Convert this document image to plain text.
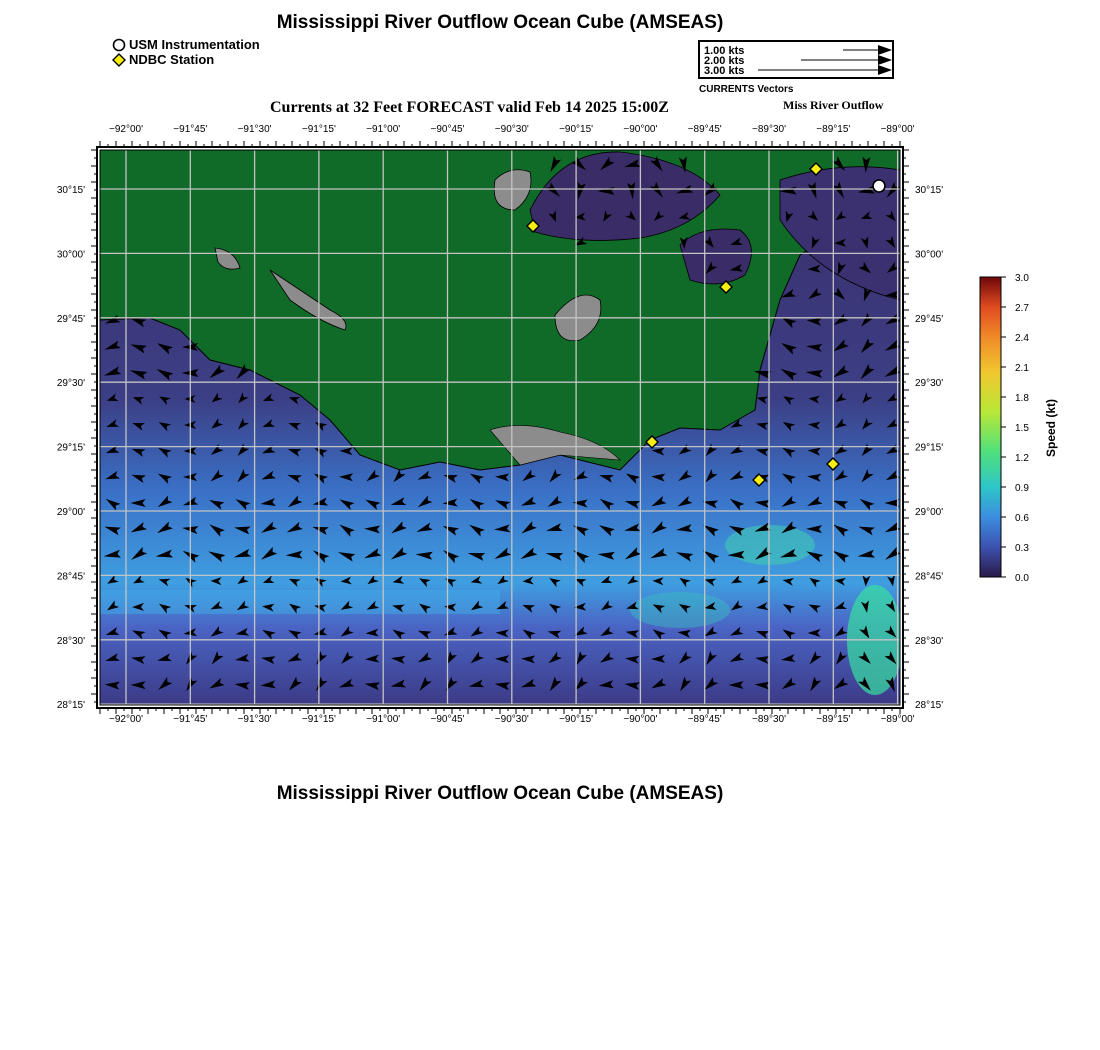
Mississippi River Outflow Ocean Cube (AMSEAS)
USM Instrumentation
NDBC Station
1.00 kts
2.00 kts
3.00 kts
CURRENTS Vectors
Currents at 32 Feet FORECAST valid Feb 14 2025 15:00Z	Miss River Outflow
−92°00'
−92°00'
−91°45'
−91°45'
−91°30'
−91°30'
−91°15'
−91°15'
−91°00'
−91°00'
−90°45'
−90°45'
−90°30'
−90°30'
−90°15'
−90°15'
−90°00'
−90°00'
−89°45'
−89°45'
−89°30'
−89°30'
−89°15'
−89°15'
−89°00'
−89°00'
30°15'	30°15'
30°00'	30°00'
29°45'	29°45'
29°30'	29°30'
29°15'	29°15'
29°00'	29°00'
28°45'	28°45'
28°30'	28°30'
28°15'	28°15'
3.0
2.7
2.4
2.1
1.8
1.5
1.2
0.9
0.6
0.3
0.0
Speed (kt)
Mississippi River Outflow Ocean Cube (AMSEAS)
